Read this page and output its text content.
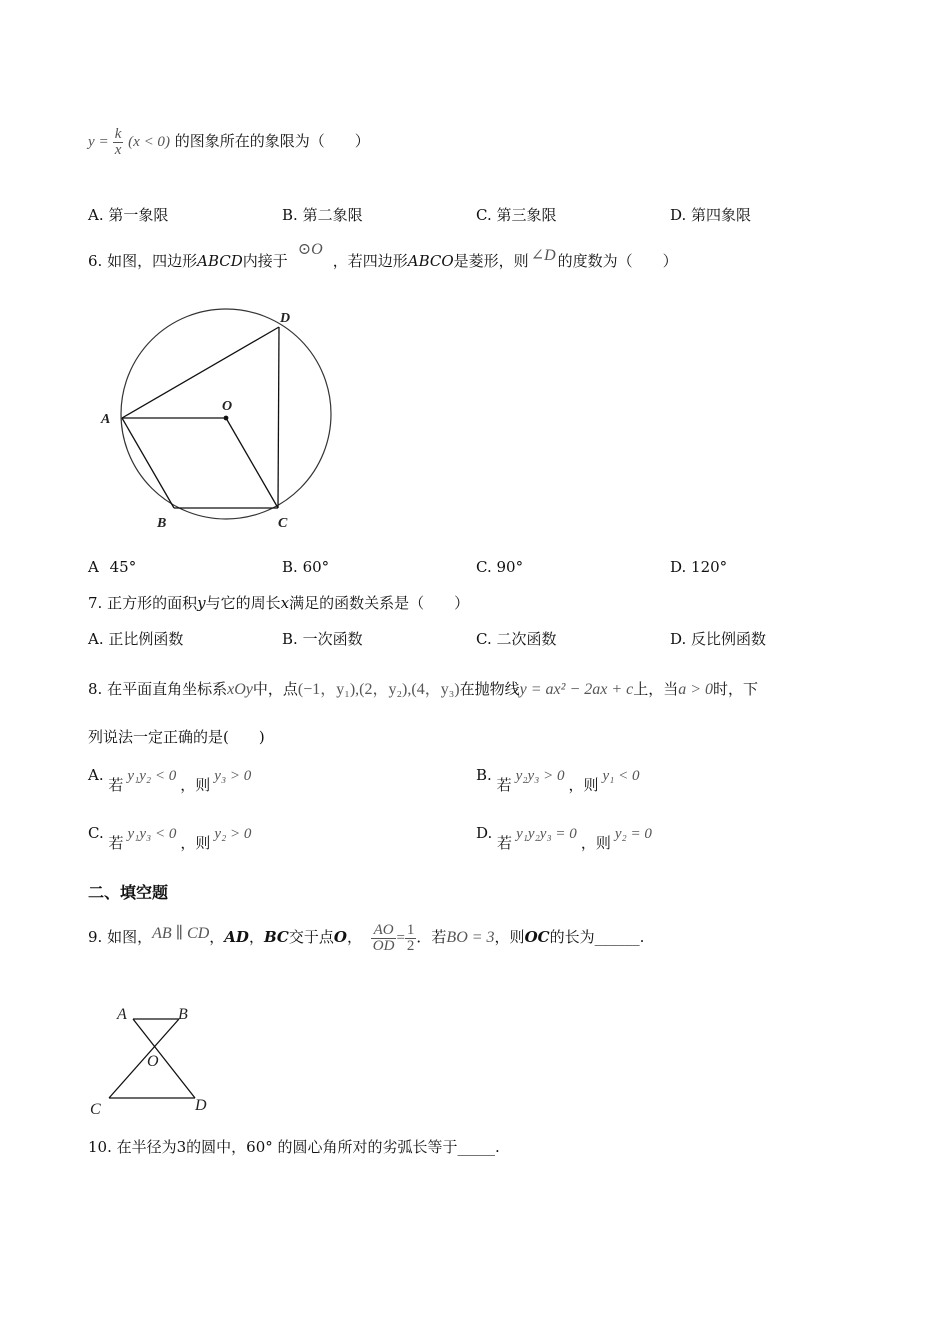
$y = \frac{k}{x} (x < 0)$ 的图象所在的象限为（　　）
A. 第一象限	B. 第二象限	C. 第三象限	D. 第四象限
6. 如图，四边形ABCD内接于⊙O，若四边形ABCO是菱形，则 ∠D 的度数为（　　）
A
O
D
B	C
A 45°	B. 60°	C. 90°	D. 120°
7. 正方形的面积y与它的周长x满足的函数关系是（　　）
A. 正比例函数	B. 一次函数	C. 二次函数	D. 反比例函数
8. 在平面直角坐标系xOy中，点(−1，y₁),(2，y₂),(4，y₃)在抛物线y = ax² − 2ax + c上，当a > 0时，下
列说法一定正确的是(　　)
A. 若 y₁y₂ < 0 ，则 y₃ > 0	B. 若 y₂y₃ > 0 ，则 y₁ < 0
C. 若 y₁y₃ < 0 ，则 y₂ > 0	D. 若 y₁y₂y₃ = 0 ，则 y₂ = 0
二、填空题
9. 如图，AB ∥ CD，AD，BC交于点O， $\frac{AO}{OD} = \frac{1}{2}$ ．若BO = 3，则OC的长为______.
A	B
O
C	D
10. 在半径为3的圆中，60° 的圆心角所对的劣弧长等于_____.
